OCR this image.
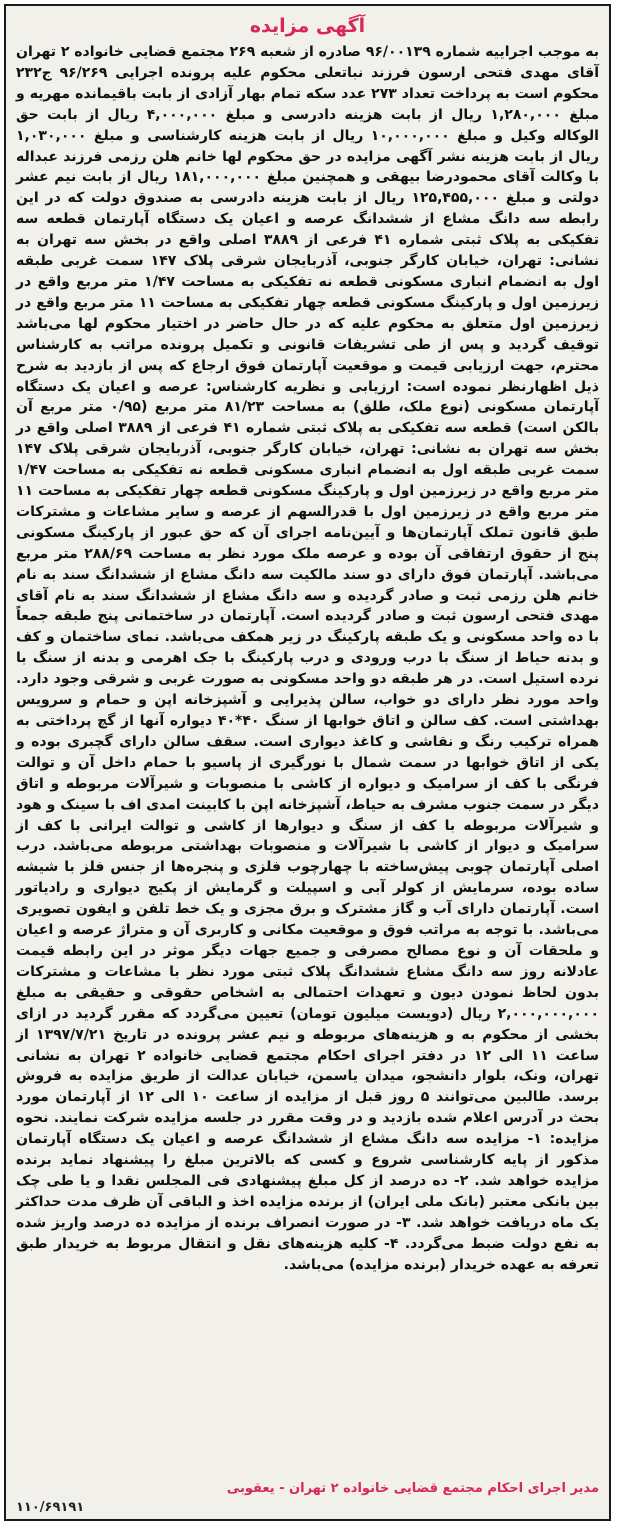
آگهی مزایده
به موجب اجراییه شماره ۹۶/۰۰۱۳۹ صادره از شعبه ۲۶۹ مجتمع قضایی خانواده ۲ تهران آقای مهدی فتحی ارسون فرزند نباتعلی محکوم علیه پرونده اجرایی ۹۶/۲۶۹ ج۲۳۲ محکوم است به پرداخت تعداد ۲۷۳ عدد سکه تمام بهار آزادی از بابت باقیمانده مهریه و مبلغ ۱,۲۸۰,۰۰۰ ریال از بابت هزینه دادرسی و مبلغ ۴,۰۰۰,۰۰۰ ریال از بابت حق الوکاله وکیل و مبلغ ۱۰,۰۰۰,۰۰۰ ریال از بابت هزینه کارشناسی و مبلغ ۱,۰۳۰,۰۰۰ ریال از بابت هزینه نشر آگهی مزایده در حق محکوم لها خانم هلن رزمی فرزند عبداله با وکالت آقای محمودرضا بیهقی و همچنین مبلغ ۱۸۱,۰۰۰,۰۰۰ ریال از بابت نیم عشر دولتی و مبلغ ۱۲۵,۴۵۵,۰۰۰ ریال از بابت هزینه دادرسی به صندوق دولت که در این رابطه سه دانگ مشاع از ششدانگ عرصه و اعیان یک دستگاه آپارتمان قطعه سه تفکیکی به پلاک ثبتی شماره ۴۱ فرعی از ۳۸۸۹ اصلی واقع در بخش سه تهران به نشانی: تهران، خیابان کارگر جنوبی، آذربایجان شرقی پلاک ۱۴۷ سمت غربی طبقه اول به انضمام انباری مسکونی قطعه نه تفکیکی به مساحت ۱/۴۷ متر مربع واقع در زیرزمین اول و پارکینگ مسکونی قطعه چهار تفکیکی به مساحت ۱۱ متر مربع واقع در زیرزمین اول متعلق به محکوم علیه که در حال حاضر در اختیار محکوم لها می‌باشد توقیف گردید و پس از طی تشریفات قانونی و تکمیل پرونده مراتب به کارشناس محترم، جهت ارزیابی قیمت و موقعیت آپارتمان فوق ارجاع که پس از بازدید به شرح ذیل اظهارنظر نموده است: ارزیابی و نظریه کارشناس: عرصه و اعیان یک دستگاه آپارتمان مسکونی (نوع ملک، طلق) به مساحت ۸۱/۲۳ متر مربع (۰/۹۵ متر مربع آن بالکن است) قطعه سه تفکیکی به پلاک ثبتی شماره ۴۱ فرعی از ۳۸۸۹ اصلی واقع در بخش سه تهران به نشانی: تهران، خیابان کارگر جنوبی، آذربایجان شرقی پلاک ۱۴۷ سمت غربی طبقه اول به انضمام انباری مسکونی قطعه نه تفکیکی به مساحت ۱/۴۷ متر مربع واقع در زیرزمین اول و پارکینگ مسکونی قطعه چهار تفکیکی به مساحت ۱۱ متر مربع واقع در زیرزمین اول با قدرالسهم از عرصه و سایر مشاعات و مشترکات طبق قانون تملک آپارتمان‌ها و آیین‌نامه اجرای آن که حق عبور از پارکینگ مسکونی پنج از حقوق ارتفاقی آن بوده و عرصه ملک مورد نظر به مساحت ۲۸۸/۶۹ متر مربع می‌باشد. آپارتمان فوق دارای دو سند مالکیت سه دانگ مشاع از ششدانگ سند به نام خانم هلن رزمی ثبت و صادر گردیده و سه دانگ مشاع از ششدانگ سند به نام آقای مهدی فتحی ارسون ثبت و صادر گردیده است. آپارتمان در ساختمانی پنج طبقه جمعاً با ده واحد مسکونی و یک طبقه پارکینگ در زیر همکف می‌باشد. نمای ساختمان و کف و بدنه حیاط از سنگ با درب ورودی و درب پارکینگ با جک اهرمی و بدنه از سنگ با نرده استیل است. در هر طبقه دو واحد مسکونی به صورت غربی و شرقی وجود دارد. واحد مورد نظر دارای دو خواب، سالن پذیرایی و آشپزخانه اپن و حمام و سرویس بهداشتی است. کف سالن و اتاق خوابها از سنگ ۴۰*۴۰ دیواره آنها از گچ پرداختی به همراه ترکیب رنگ و نقاشی و کاغذ دیواری است. سقف سالن دارای گچبری بوده و یکی از اتاق خوابها در سمت شمال با نورگیری از پاسیو با حمام داخل آن و توالت فرنگی با کف از سرامیک و دیواره از کاشی با منصوبات و شیرآلات مربوطه و اتاق دیگر در سمت جنوب مشرف به حیاط، آشپزخانه اپن با کابینت امدی اف با سینک و هود و شیرآلات مربوطه با کف از سنگ و دیوارها از کاشی و توالت ایرانی با کف از سرامیک و دیوار از کاشی با شیرآلات و منصوبات بهداشتی مربوطه می‌باشد. درب اصلی آپارتمان چوبی پیش‌ساخته با چهارچوب فلزی و پنجره‌ها از جنس فلز با شیشه ساده بوده، سرمایش از کولر آبی و اسپیلت و گرمایش از پکیج دیواری و رادیاتور است. آپارتمان دارای آب و گاز مشترک و برق مجزی و یک خط تلفن و ایفون تصویری می‌باشد. با توجه به مراتب فوق و موقعیت مکانی و کاربری آن و متراژ عرصه و اعیان و ملحقات آن و نوع مصالح مصرفی و جمیع جهات دیگر موثر در این رابطه قیمت عادلانه روز سه دانگ مشاع ششدانگ پلاک ثبتی مورد نظر با مشاعات و مشترکات بدون لحاظ نمودن دیون و تعهدات احتمالی به اشخاص حقوقی و حقیقی به مبلغ ۲,۰۰۰,۰۰۰,۰۰۰ ریال (دویست میلیون تومان) تعیین می‌گردد که مقرر گردید در ازای بخشی از محکوم به و هزینه‌های مربوطه و نیم عشر پرونده در تاریخ ۱۳۹۷/۷/۲۱ از ساعت ۱۱ الی ۱۲ در دفتر اجرای احکام مجتمع قضایی خانواده ۲ تهران به نشانی تهران، ونک، بلوار دانشجو، میدان یاسمن، خیابان عدالت از طریق مزایده به فروش برسد. طالبین می‌توانند ۵ روز قبل از مزایده از ساعت ۱۰ الی ۱۲ از آپارتمان مورد بحث در آدرس اعلام شده بازدید و در وقت مقرر در جلسه مزایده شرکت نمایند. نحوه مزایده: ۱- مزایده سه دانگ مشاع از ششدانگ عرصه و اعیان یک دستگاه آپارتمان مذکور از پایه کارشناسی شروع و کسی که بالاترین مبلغ را پیشنهاد نماید برنده مزایده خواهد شد. ۲- ده درصد از کل مبلغ پیشنهادی فی المجلس نقدا و یا طی چک بین بانکی معتبر (بانک ملی ایران) از برنده مزایده اخذ و الباقی آن ظرف مدت حداکثر یک ماه دریافت خواهد شد. ۳- در صورت انصراف برنده از مزایده ده درصد واریز شده به نفع دولت ضبط می‌گردد. ۴- کلیه هزینه‌های نقل و انتقال مربوط به خریدار طبق تعرفه به عهده خریدار (برنده مزایده) می‌باشد.
مدیر اجرای احکام مجتمع قضایی خانواده ۲ تهران - یعقوبی
۱۱۰/۶۹۱۹۱
